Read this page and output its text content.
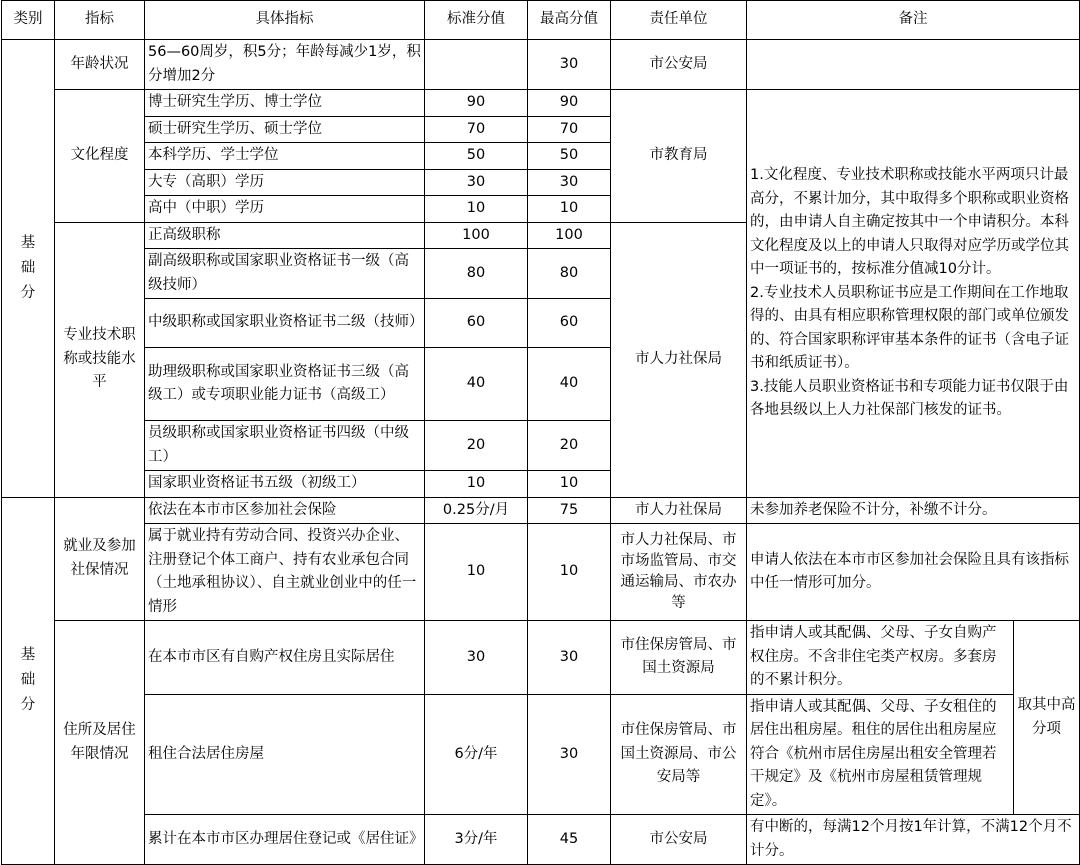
类别	指标	具体指标	标准分值	最高分值	责任单位	备注	
基
础
分	年龄状况	56—60周岁，积5分；年龄每减少1岁，积分增加2分		30	市公安局		
	文化程度	博士研究生学历、博士学位	90	90	市教育局	1.文化程度、专业技术职称或技能水平两项只计最高分，不累计加分，其中取得多个职称或职业资格的，由申请人自主确定按其中一个申请积分。本科文化程度及以上的申请人只取得对应学历或学位其中一项证书的，按标准分值减10分计。
2.专业技术人员职称证书应是工作期间在工作地取得的、由具有相应职称管理权限的部门或单位颁发的、符合国家职称评审基本条件的证书（含电子证书和纸质证书）。
3.技能人员职业资格证书和专项能力证书仅限于由各地县级以上人力社保部门核发的证书。	
		硕士研究生学历、硕士学位	70	70			
		本科学历、学士学位	50	50			
		大专（高职）学历	30	30			
		高中（中职）学历	10	10			
	专业技术职称或技能水平	正高级职称	100	100	市人力社保局		
		副高级职称或国家职业资格证书一级（高级技师）	80	80			
		中级职称或国家职业资格证书二级（技师）	60	60			
		助理级职称或国家职业资格证书三级（高级工）或专项职业能力证书（高级工）	40	40			
		员级职称或国家职业资格证书四级（中级工）	20	20			
		国家职业资格证书五级（初级工）	10	10			
基
础
分	就业及参加社保情况	依法在本市市区参加社会保险	0.25分/月	75	市人力社保局	未参加养老保险不计分，补缴不计分。	
		属于就业持有劳动合同、投资兴办企业、注册登记个体工商户、持有农业承包合同（土地承租协议）、自主就业创业中的任一情形	10	10	市人力社保局、市市场监管局、市交通运输局、市农办等	申请人依法在本市市区参加社会保险且具有该指标中任一情形可加分。	
	住所及居住年限情况	在本市市区有自购产权住房且实际居住	30	30	市住保房管局、市国土资源局	指申请人或其配偶、父母、子女自购产权住房。不含非住宅类产权房。多套房的不累计积分。	取其中高分项
		租住合法居住房屋	6分/年	30	市住保房管局、市国土资源局、市公安局等	指申请人或其配偶、父母、子女租住的居住出租房屋。租住的居住出租房屋应符合《杭州市居住房屋出租安全管理若干规定》及《杭州市房屋租赁管理规定》。	
		累计在本市市区办理居住登记或《居住证》	3分/年	45	市公安局	有中断的，每满12个月按1年计算，不满12个月不计分。	
